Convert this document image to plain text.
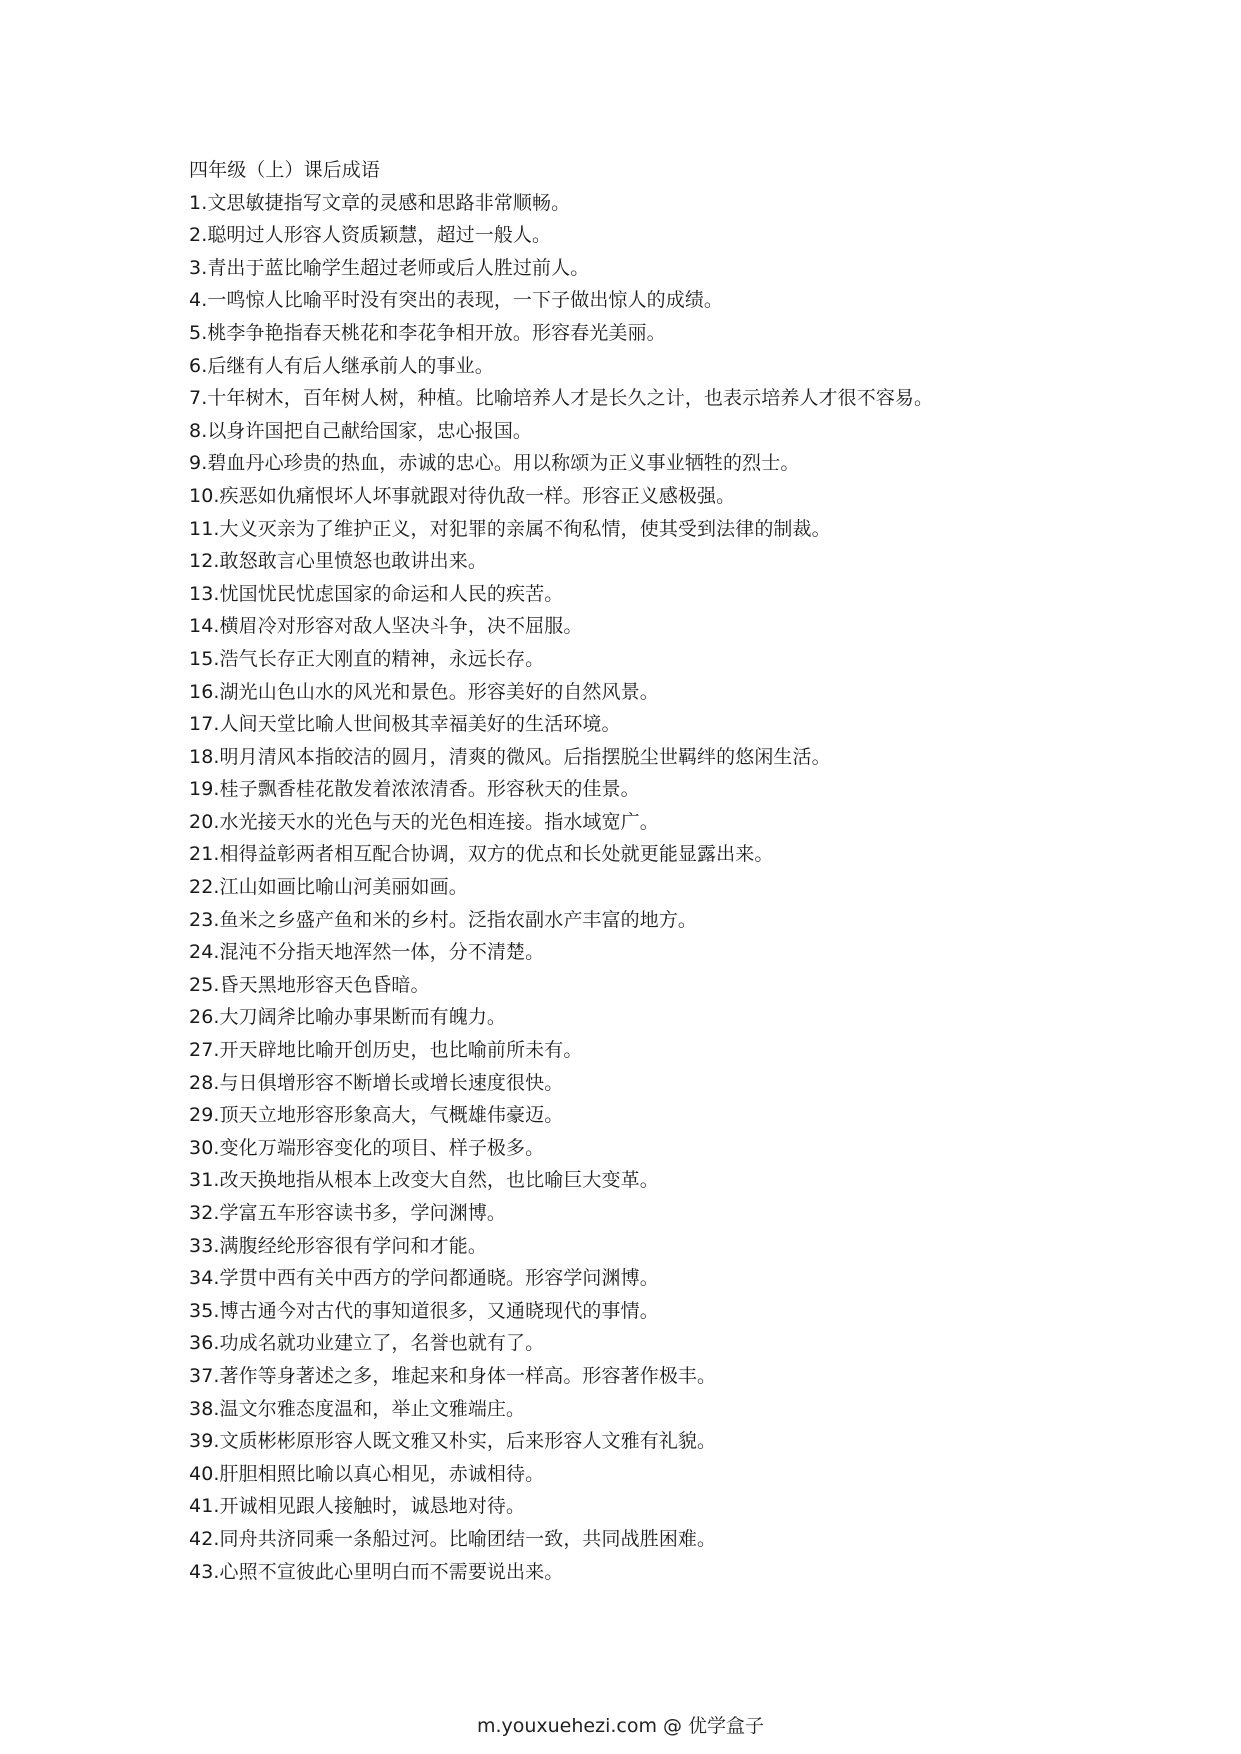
四年级（上）课后成语
1.文思敏捷指写文章的灵感和思路非常顺畅。
2.聪明过人形容人资质颖慧，超过一般人。
3.青出于蓝比喻学生超过老师或后人胜过前人。
4.一鸣惊人比喻平时没有突出的表现，一下子做出惊人的成绩。
5.桃李争艳指春天桃花和李花争相开放。形容春光美丽。
6.后继有人有后人继承前人的事业。
7.十年树木，百年树人树，种植。比喻培养人才是长久之计，也表示培养人才很不容易。
8.以身许国把自己献给国家，忠心报国。
9.碧血丹心珍贵的热血，赤诚的忠心。用以称颂为正义事业牺牲的烈士。
10.疾恶如仇痛恨坏人坏事就跟对待仇敌一样。形容正义感极强。
11.大义灭亲为了维护正义，对犯罪的亲属不徇私情，使其受到法律的制裁。
12.敢怒敢言心里愤怒也敢讲出来。
13.忧国忧民忧虑国家的命运和人民的疾苦。
14.横眉冷对形容对敌人坚决斗争，决不屈服。
15.浩气长存正大刚直的精神，永远长存。
16.湖光山色山水的风光和景色。形容美好的自然风景。
17.人间天堂比喻人世间极其幸福美好的生活环境。
18.明月清风本指皎洁的圆月，清爽的微风。后指摆脱尘世羁绊的悠闲生活。
19.桂子飘香桂花散发着浓浓清香。形容秋天的佳景。
20.水光接天水的光色与天的光色相连接。指水域宽广。
21.相得益彰两者相互配合协调，双方的优点和长处就更能显露出来。
22.江山如画比喻山河美丽如画。
23.鱼米之乡盛产鱼和米的乡村。泛指农副水产丰富的地方。
24.混沌不分指天地浑然一体，分不清楚。
25.昏天黑地形容天色昏暗。
26.大刀阔斧比喻办事果断而有魄力。
27.开天辟地比喻开创历史，也比喻前所未有。
28.与日俱增形容不断增长或增长速度很快。
29.顶天立地形容形象高大，气概雄伟豪迈。
30.变化万端形容变化的项目、样子极多。
31.改天换地指从根本上改变大自然，也比喻巨大变革。
32.学富五车形容读书多，学问渊博。
33.满腹经纶形容很有学问和才能。
34.学贯中西有关中西方的学问都通晓。形容学问渊博。
35.博古通今对古代的事知道很多，又通晓现代的事情。
36.功成名就功业建立了，名誉也就有了。
37.著作等身著述之多，堆起来和身体一样高。形容著作极丰。
38.温文尔雅态度温和，举止文雅端庄。
39.文质彬彬原形容人既文雅又朴实，后来形容人文雅有礼貌。
40.肝胆相照比喻以真心相见，赤诚相待。
41.开诚相见跟人接触时，诚恳地对待。
42.同舟共济同乘一条船过河。比喻团结一致，共同战胜困难。
43.心照不宣彼此心里明白而不需要说出来。
m.youxuehezi.com @ 优学盒子
